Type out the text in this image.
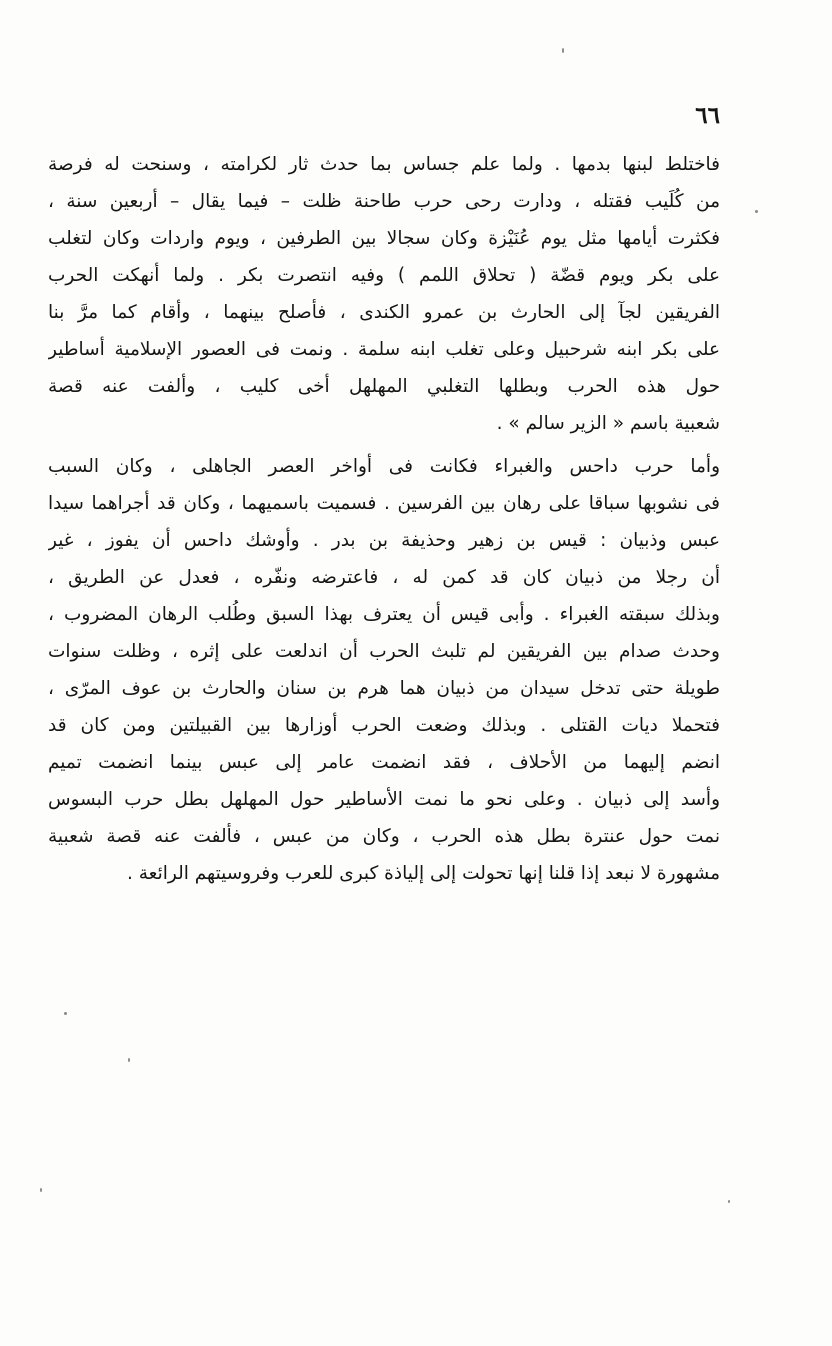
٦٦
فاختلط لبنها بدمها . ولما علم جساس بما حدث ثار لكرامته ، وسنحت له فرصة
من كُلَيب فقتله ، ودارت رحى حرب طاحنة ظلت – فيما يقال – أربعين سنة ،
فكثرت أيامها مثل يوم عُنَيْزة وكان سجالا بين الطرفين ، ويوم واردات وكان لتغلب
على بكر ويوم قضّة ( تحلاق اللمم ) وفيه انتصرت بكر . ولما أنهكت الحرب
الفريقين لجآ إلى الحارث بن عمرو الكندى ، فأصلح بينهما ، وأقام كما مرَّ بنا
على بكر ابنه شرحبيل وعلى تغلب ابنه سلمة . ونمت فى العصور الإسلامية أساطير
حول هذه الحرب وبطلها التغلبي المهلهل أخى كليب ، وألفت عنه قصة
شعبية باسم « الزير سالم » .
وأما حرب داحس والغبراء فكانت فى أواخر العصر الجاهلى ، وكان السبب
فى نشوبها سباقا على رهان بين الفرسين . فسميت باسميهما ، وكان قد أجراهما سيدا
عبس وذبيان : قيس بن زهير وحذيفة بن بدر . وأوشك داحس أن يفوز ، غير
أن رجلا من ذبيان كان قد كمن له ، فاعترضه ونفّره ، فعدل عن الطريق ،
وبذلك سبقته الغبراء . وأبى قيس أن يعترف بهذا السبق وطُلب الرهان المضروب ،
وحدث صدام بين الفريقين لم تلبث الحرب أن اندلعت على إثره ، وظلت سنوات
طويلة حتى تدخل سيدان من ذبيان هما هرم بن سنان والحارث بن عوف المرّى ،
فتحملا ديات القتلى . وبذلك وضعت الحرب أوزارها بين القبيلتين ومن كان قد
انضم إليهما من الأحلاف ، فقد انضمت عامر إلى عبس بينما انضمت تميم
وأسد إلى ذبيان . وعلى نحو ما نمت الأساطير حول المهلهل بطل حرب البسوس
نمت حول عنترة بطل هذه الحرب ، وكان من عبس ، فألفت عنه قصة شعبية
مشهورة لا نبعد إذا قلنا إنها تحولت إلى إلياذة كبرى للعرب وفروسيتهم الرائعة .
